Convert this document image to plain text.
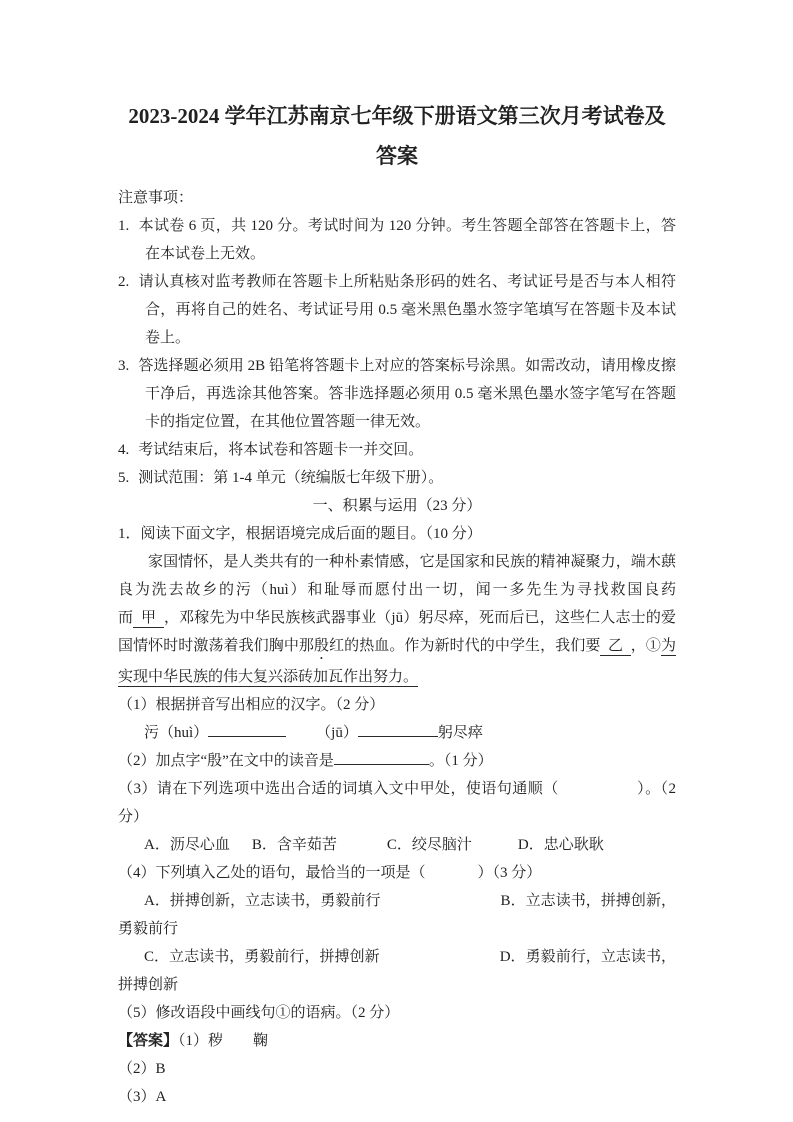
2023-2024 学年江苏南京七年级下册语文第三次月考试卷及答案
注意事项：
1. 本试卷 6 页，共 120 分。考试时间为 120 分钟。考生答题全部答在答题卡上，答在本试卷上无效。
2. 请认真核对监考教师在答题卡上所粘贴条形码的姓名、考试证号是否与本人相符合，再将自己的姓名、考试证号用 0.5 毫米黑色墨水签字笔填写在答题卡及本试卷上。
3. 答选择题必须用 2B 铅笔将答题卡上对应的答案标号涂黑。如需改动，请用橡皮擦干净后，再选涂其他答案。答非选择题必须用 0.5 毫米黑色墨水签字笔写在答题卡的指定位置，在其他位置答题一律无效。
4. 考试结束后，将本试卷和答题卡一并交回。
5. 测试范围：第 1-4 单元（统编版七年级下册）。
一、积累与运用（23 分）
1．阅读下面文字，根据语境完成后面的题目。（10 分）
家国情怀，是人类共有的一种朴素情感，它是国家和民族的精神凝聚力，端木蕻良为洗去故乡的污（huì）和耻辱而愿付出一切，闻一多先生为寻找救国良药而  甲  ，邓稼先为中华民族核武器事业（jū）躬尽瘁，死而后已，这些仁人志士的爱国情怀时时激荡着我们胸中那殷红的热血。作为新时代的中学生，我们要  乙  ，①为实现中华民族的伟大复兴添砖加瓦作出努力。
（1）根据拼音写出相应的汉字。（2 分）
污（huì）	（jū）	躬尽瘁
（2）加点字“殷”在文中的读音是	。（1 分）
（3）请在下列选项中选出合适的词填入文中甲处，使语句通顺（	）。（2 分）
A．沥尽心血 B．含辛茹苦	C．绞尽脑汁	D．忠心耿耿
（4）下列填入乙处的语句，最恰当的一项是（	）（3 分）
A．拼搏创新，立志读书，勇毅前行	B．立志读书，拼搏创新，勇毅前行
C．立志读书，勇毅前行，拼搏创新	D．勇毅前行，立志读书，拼搏创新
（5）修改语段中画线句①的语病。（2 分）
【答案】（1）秽 鞠
（2）B
（3）A
